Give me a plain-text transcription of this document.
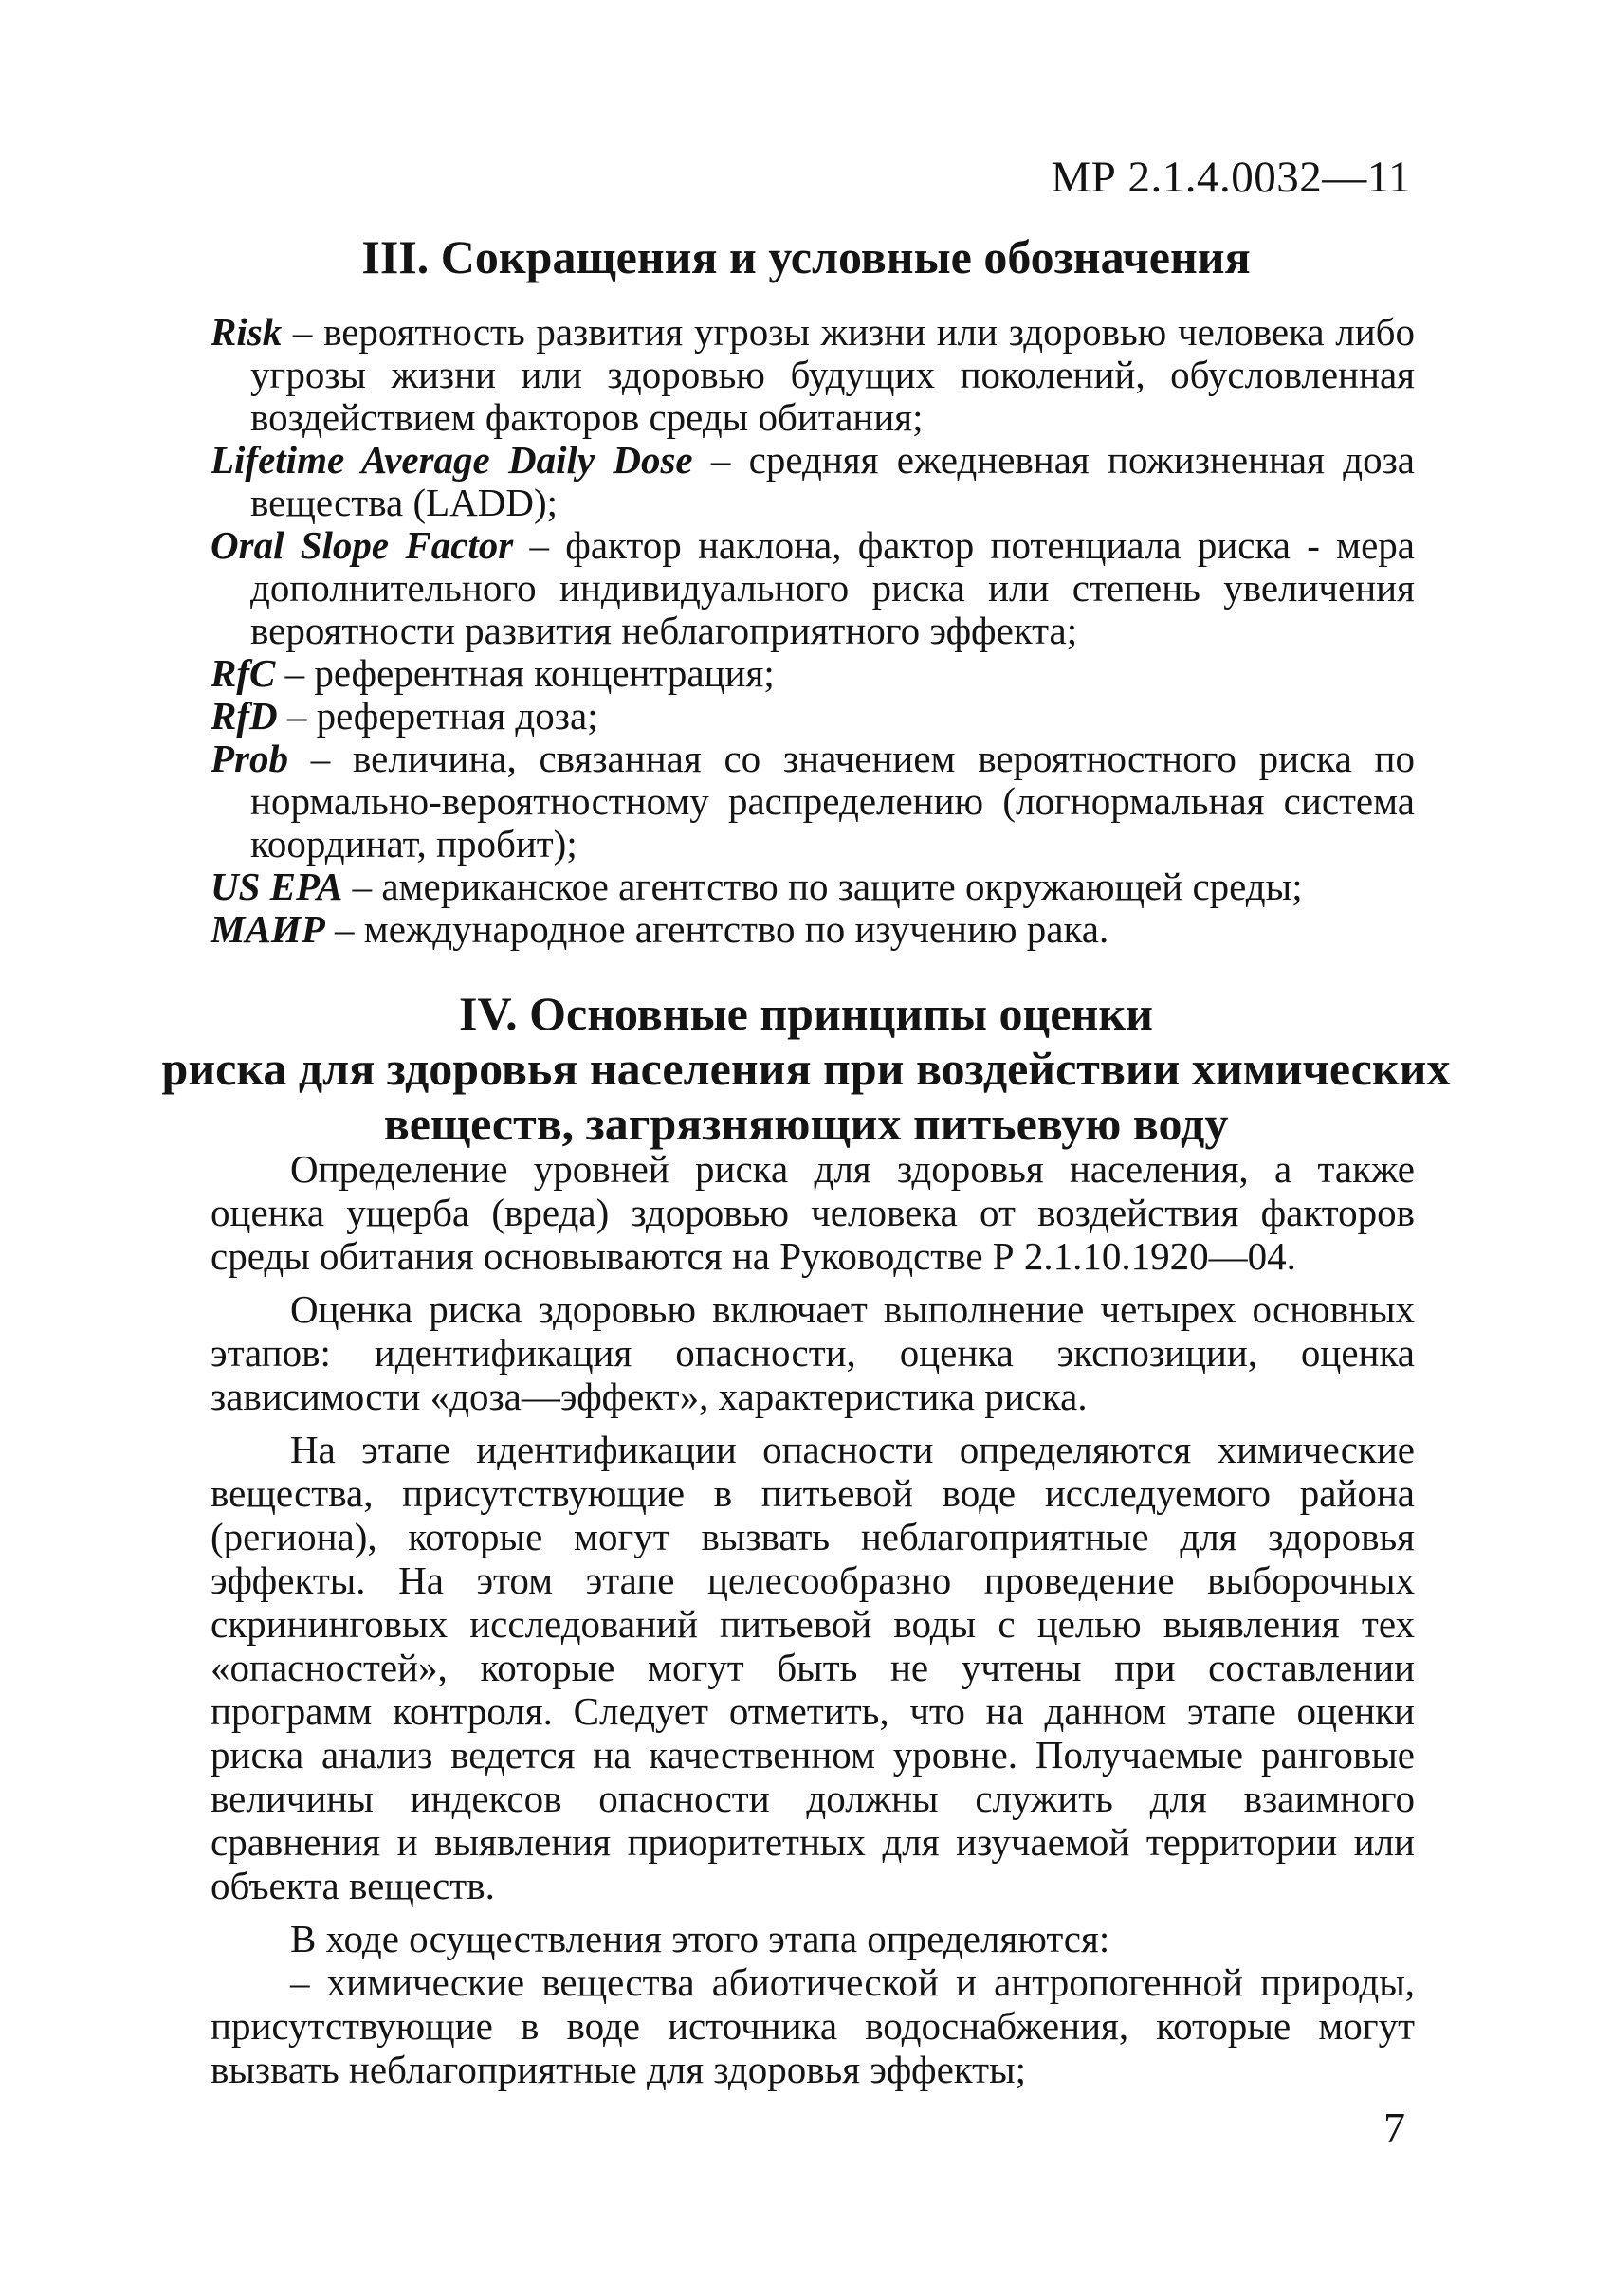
МР 2.1.4.0032—11
III. Сокращения и условные обозначения
Risk – вероятность развития угрозы жизни или здоровью человека либо угрозы жизни или здоровью будущих поколений, обусловленная воздействием факторов среды обитания;
Lifetime Average Daily Dose – средняя ежедневная пожизненная доза вещества (LADD);
Oral Slope Factor – фактор наклона, фактор потенциала риска - мера дополнительного индивидуального риска или степень увеличения вероятности развития неблагоприятного эффекта;
RfC – референтная концентрация;
RfD – реферетная доза;
Prob – величина, связанная со значением вероятностного риска по нормально-вероятностному распределению (логнормальная система координат, пробит);
US EPA – американское агентство по защите окружающей среды;
МАИР – международное агентство по изучению рака.
IV. Основные принципы оценки
риска для здоровья населения при воздействии химических
веществ, загрязняющих питьевую воду

Определение уровней риска для здоровья населения, а также оценка ущерба (вреда) здоровью человека от воздействия факторов среды обитания основываются на Руководстве Р 2.1.10.1920—04.

Оценка риска здоровью включает выполнение четырех основных этапов: идентификация опасности, оценка экспозиции, оценка зависимости «доза—эффект», характеристика риска.

На этапе идентификации опасности определяются химические вещества, присутствующие в питьевой воде исследуемого района (региона), которые могут вызвать неблагоприятные для здоровья эффекты. На этом этапе целесообразно проведение выборочных скрининговых исследований питьевой воды с целью выявления тех «опасностей», которые могут быть не учтены при составлении программ контроля. Следует отметить, что на данном этапе оценки риска анализ ведется на качественном уровне. Получаемые ранговые величины индексов опасности должны служить для взаимного сравнения и выявления приоритетных для изучаемой территории или объекта веществ.

В ходе осуществления этого этапа определяются:

– химические вещества абиотической и антропогенной природы, присутствующие в воде источника водоснабжения, которые могут вызвать неблагоприятные для здоровья эффекты;

7
